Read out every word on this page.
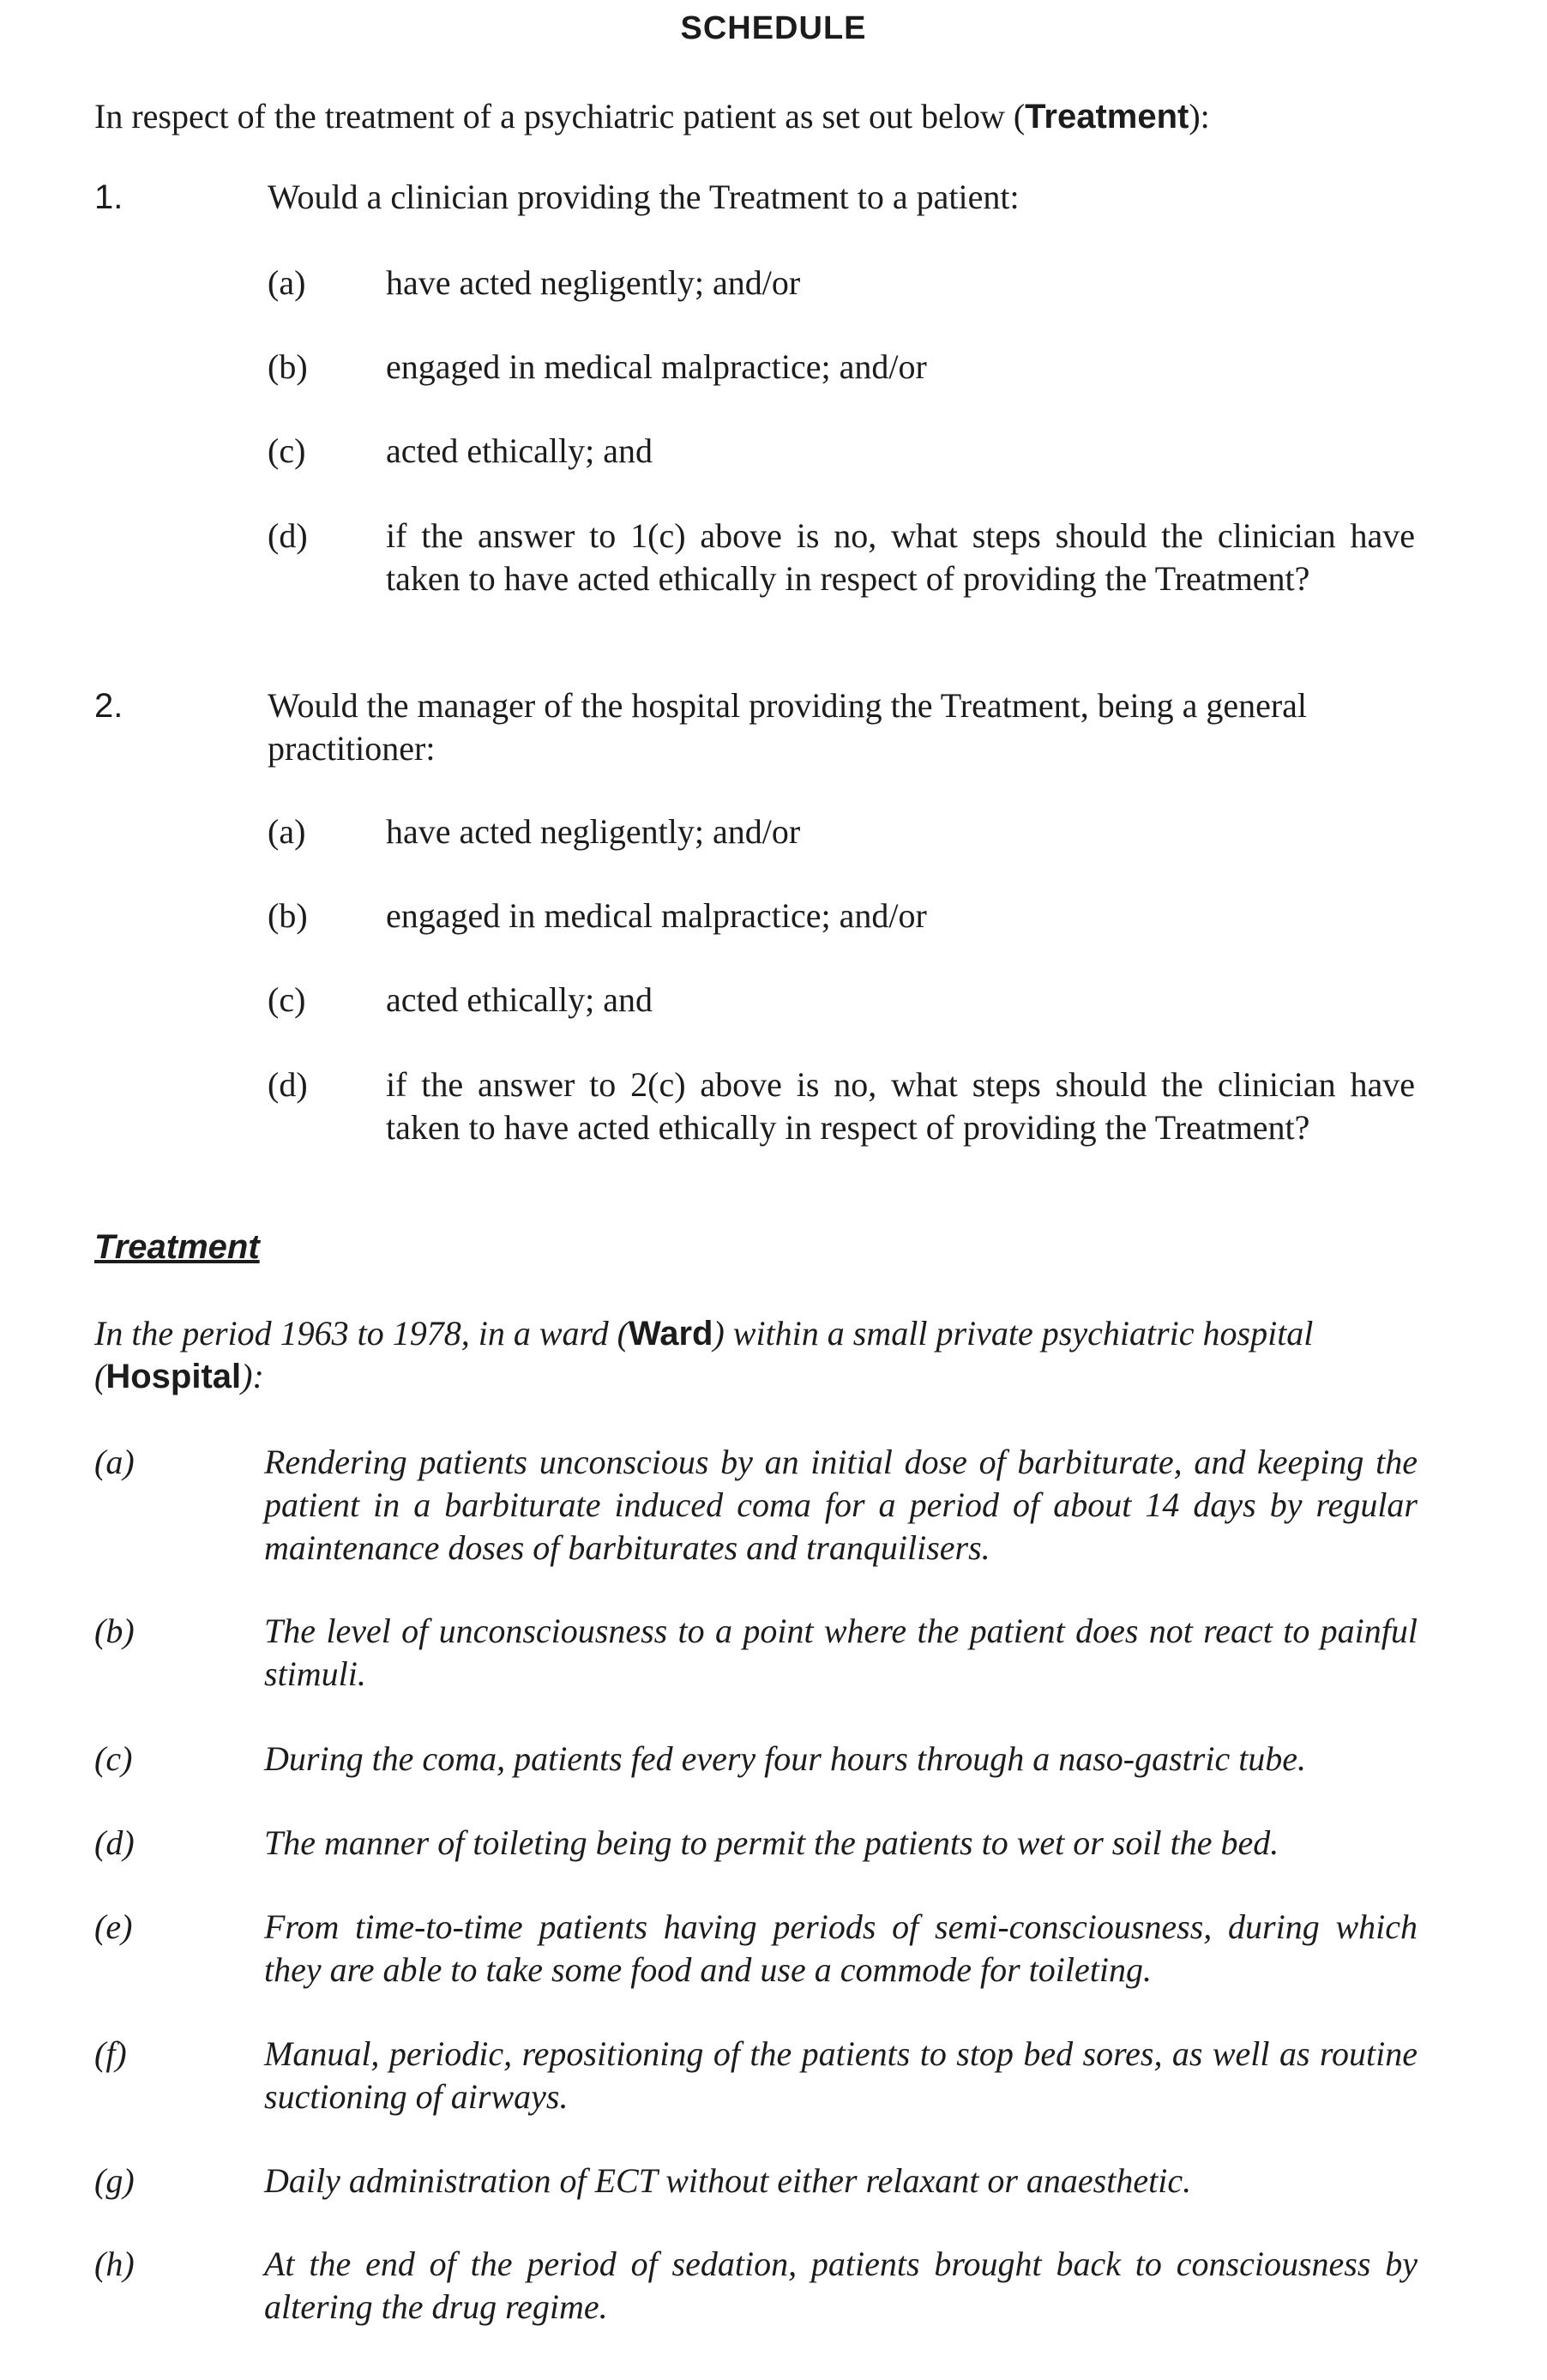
SCHEDULE
In respect of the treatment of a psychiatric patient as set out below (Treatment):
1.	Would a clinician providing the Treatment to a patient:
(a) have acted negligently; and/or
(b) engaged in medical malpractice; and/or
(c) acted ethically; and
(d) if the answer to 1(c) above is no, what steps should the clinician have taken to have acted ethically in respect of providing the Treatment?
2.	Would the manager of the hospital providing the Treatment, being a general practitioner:
(a) have acted negligently; and/or
(b) engaged in medical malpractice; and/or
(c) acted ethically; and
(d) if the answer to 2(c) above is no, what steps should the clinician have taken to have acted ethically in respect of providing the Treatment?
Treatment
In the period 1963 to 1978, in a ward (Ward) within a small private psychiatric hospital (Hospital):
(a)	Rendering patients unconscious by an initial dose of barbiturate, and keeping the patient in a barbiturate induced coma for a period of about 14 days by regular maintenance doses of barbiturates and tranquilisers.
(b)	The level of unconsciousness to a point where the patient does not react to painful stimuli.
(c)	During the coma, patients fed every four hours through a naso-gastric tube.
(d)	The manner of toileting being to permit the patients to wet or soil the bed.
(e)	From time-to-time patients having periods of semi-consciousness, during which they are able to take some food and use a commode for toileting.
(f)	Manual, periodic, repositioning of the patients to stop bed sores, as well as routine suctioning of airways.
(g)	Daily administration of ECT without either relaxant or anaesthetic.
(h)	At the end of the period of sedation, patients brought back to consciousness by altering the drug regime.
